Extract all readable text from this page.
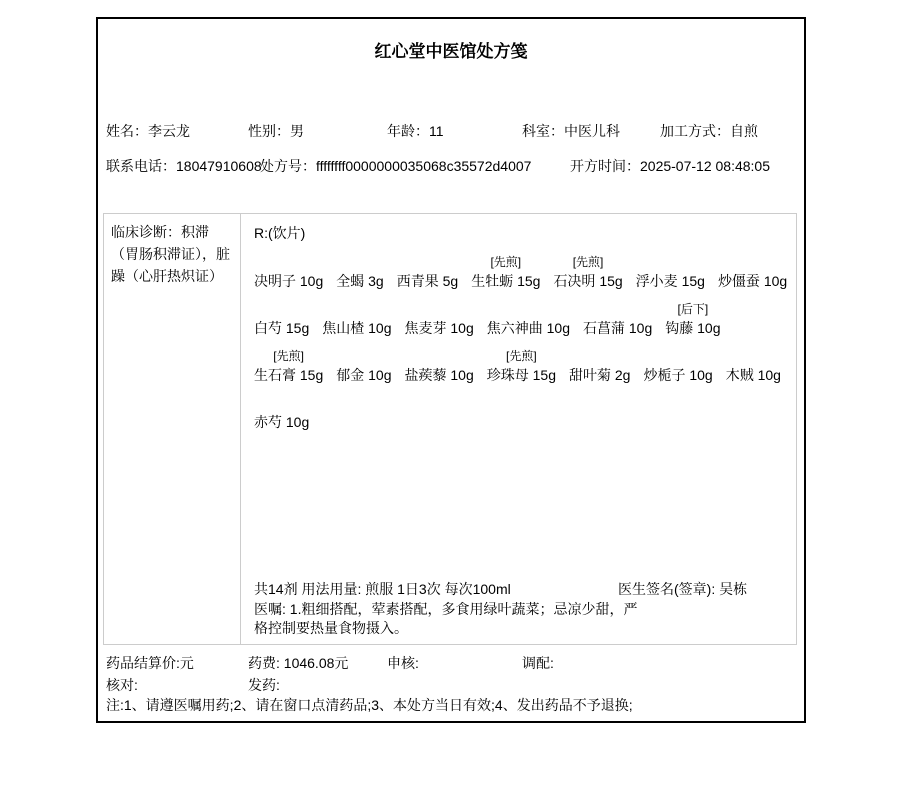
红心堂中医馆处方笺
姓名：李云龙	性别：男	年龄：11	科室：中医儿科	加工方式：自煎
联系电话：18047910608
处方号：ffffffff0000000035068c35572d4007	开方时间：2025-07-12 08:48:05
临床诊断：积滞（胃肠积滞证），脏躁（心肝热炽证）
R:(饮片)
决明子 10g 全蝎 3g 西青果 5g
[先煎]
生牡蛎 15g
[先煎]
石决明 15g 浮小麦 15g 炒僵蚕 10g
白芍 15g 焦山楂 10g 焦麦芽 10g 焦六神曲 10g 石菖蒲 10g
[后下]
钩藤 10g
[先煎]
生石膏 15g 郁金 10g 盐蒺藜 10g
[先煎]
珍珠母 15g 甜叶菊 2g 炒栀子 10g 木贼 10g
赤芍 10g
共14剂 用法用量: 煎服 1日3次 每次100ml	医生签名(签章): 吴栋
医嘱: 1.粗细搭配，荤素搭配，多食用绿叶蔬菜；忌凉少甜，严格控制要热量食物摄入。
药品结算价:元	药费: 1046.08元	申核:	调配:
核对:	发药:
注:1、请遵医嘱用药;2、请在窗口点清药品;3、本处方当日有效;4、发出药品不予退换;
